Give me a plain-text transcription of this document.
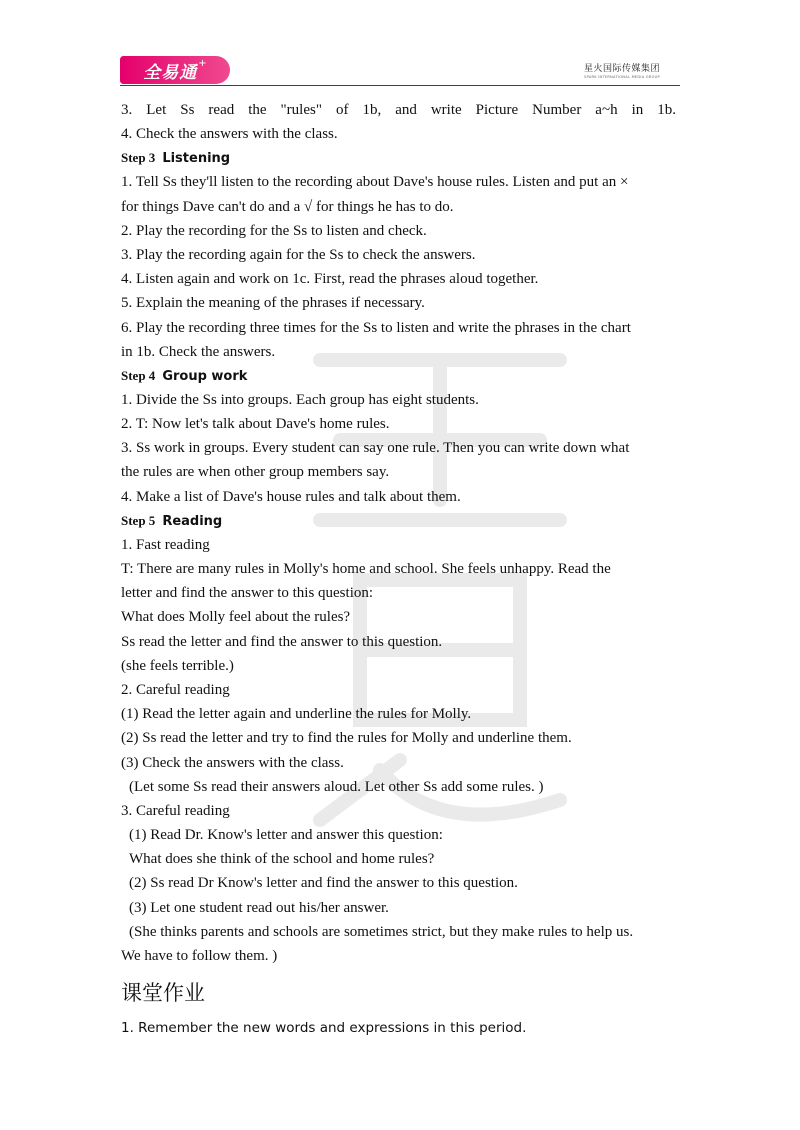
全易通 +
星火国际传媒集团
SPARK INTERNATIONAL MEDIA GROUP
3. Let Ss read the "rules" of 1b, and write Picture Number a~h in 1b.
4. Check the answers with the class.
Step 3 Listening
1. Tell Ss they'll listen to the recording about Dave's house rules. Listen and put an ×
for things Dave can't do and a √ for things he has to do.
2. Play the recording for the Ss to listen and check.
3. Play the recording again for the Ss to check the answers.
4. Listen again and work on 1c. First, read the phrases aloud together.
5. Explain the meaning of the phrases if necessary.
6. Play the recording three times for the Ss to listen and write the phrases in the chart
in 1b. Check the answers.
Step 4 Group work
1. Divide the Ss into groups. Each group has eight students.
2. T: Now let's talk about Dave's home rules.
3. Ss work in groups. Every student can say one rule. Then you can write down what
the rules are when other group members say.
4. Make a list of Dave's house rules and talk about them.
Step 5 Reading
1. Fast reading
T: There are many rules in Molly's home and school. She feels unhappy. Read the
letter and find the answer to this question:
What does Molly feel about the rules?
Ss read the letter and find the answer to this question.
(she feels terrible.)
2. Careful reading
(1) Read the letter again and underline the rules for Molly.
(2) Ss read the letter and try to find the rules for Molly and underline them.
(3) Check the answers with the class.
(Let some Ss read their answers aloud. Let other Ss add some rules. )
3. Careful reading
(1) Read Dr. Know's letter and answer this question:
What does she think of the school and home rules?
(2) Ss read Dr Know's letter and find the answer to this question.
(3) Let one student read out his/her answer.
(She thinks parents and schools are sometimes strict, but they make rules to help us.
We have to follow them. )
课堂作业
1. Remember the new words and expressions in this period.
